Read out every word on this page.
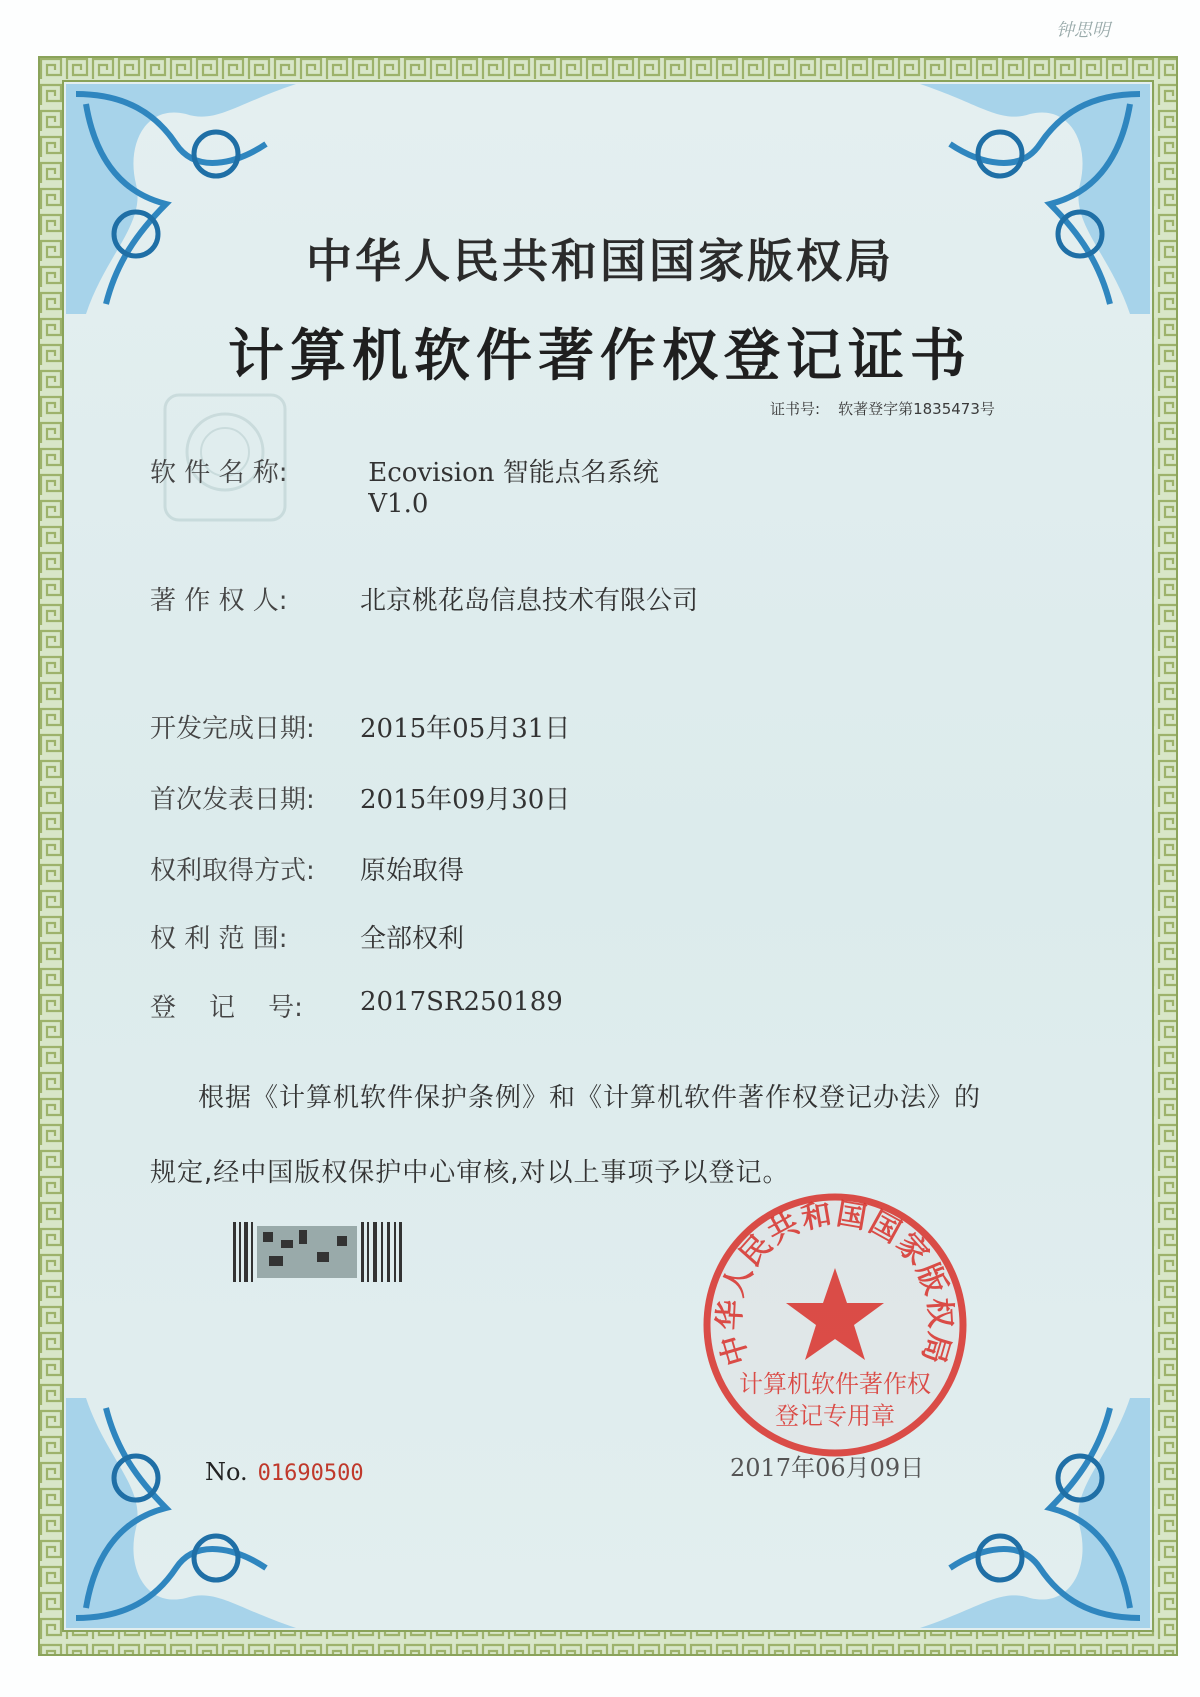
钟思明
中华人民共和国国家版权局
计算机软件著作权登记证书
证书号: 软著登字第1835473号
软 件 名 称:	Ecovision 智能点名系统
V1.0
著 作 权 人:	北京桃花岛信息技术有限公司
开发完成日期: 2015年05月31日
首次发表日期: 2015年09月30日
权利取得方式: 原始取得
权 利 范 围:	全部权利
登    记    号: 2017SR250189
根据《计算机软件保护条例》和《计算机软件著作权登记办法》的
规定,经中国版权保护中心审核,对以上事项予以登记。
No. 01690500	2017年06月09日
中华人民共和国国家版权局
计算机软件著作权
登记专用章
